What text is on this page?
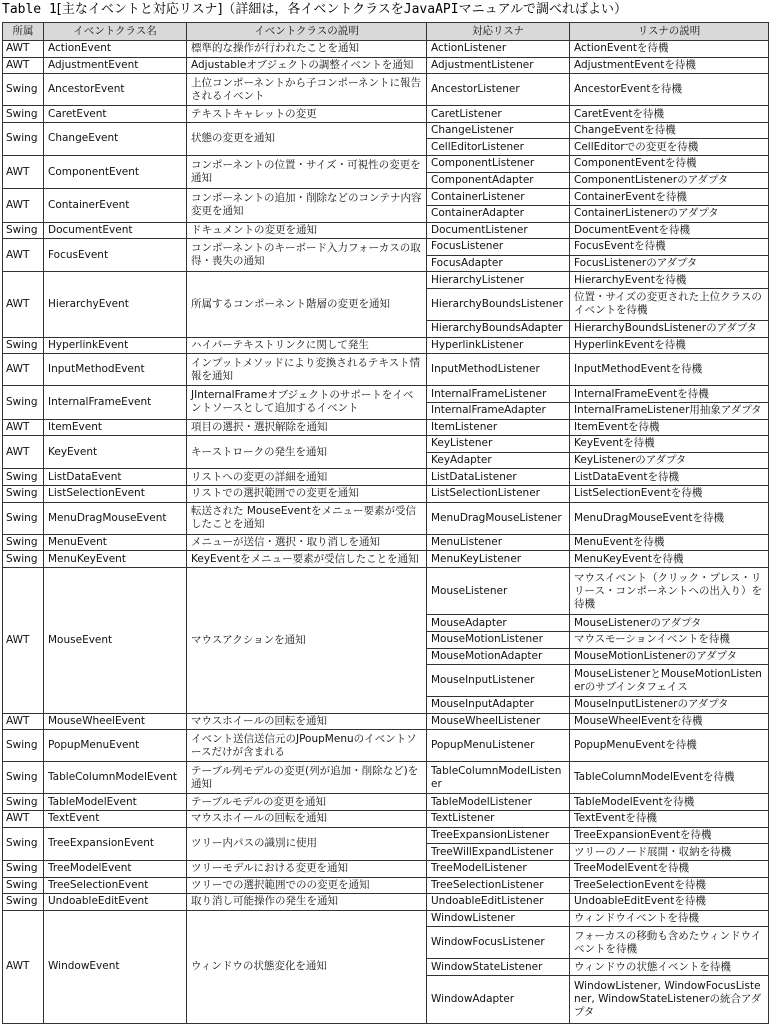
Table 1[主なイベントと対応リスナ]（詳細は，各イベントクラスをJavaAPIマニュアルで調べればよい）
所属	イベントクラス名	イベントクラスの説明	対応リスナ	リスナの説明
AWT	ActionEvent	標準的な操作が行われたことを通知	ActionListener	ActionEventを待機
AWT	AdjustmentEvent	Adjustableオブジェクトの調整イベントを通知	AdjustmentListener	AdjustmentEventを待機
Swing	AncestorEvent	上位コンポーネントから子コンポーネントに報告されるイベント	AncestorListener	AncestorEventを待機
Swing	CaretEvent	テキストキャレットの変更	CaretListener	CaretEventを待機
Swing	ChangeEvent	状態の変更を通知	ChangeListener	ChangeEventを待機
			CellEditorListener	CellEditorでの変更を待機
AWT	ComponentEvent	コンポーネントの位置・サイズ・可視性の変更を通知	ComponentListener	ComponentEventを待機
			ComponentAdapter	ComponentListenerのアダプタ
AWT	ContainerEvent	コンポーネントの追加・削除などのコンテナ内容変更を通知	ContainerListener	ContainerEventを待機
			ContainerAdapter	ContainerListenerのアダプタ
Swing	DocumentEvent	ドキュメントの変更を通知	DocumentListener	DocumentEventを待機
AWT	FocusEvent	コンポーネントのキーボード入力フォーカスの取得・喪失の通知	FocusListener	FocusEventを待機
			FocusAdapter	FocusListenerのアダプタ
AWT	HierarchyEvent	所属するコンポーネント階層の変更を通知	HierarchyListener	HierarchyEventを待機
			HierarchyBoundsListener	位置・サイズの変更された上位クラスのイベントを待機
			HierarchyBoundsAdapter	HierarchyBoundsListenerのアダプタ
Swing	HyperlinkEvent	ハイパーテキストリンクに関して発生	HyperlinkListener	HyperlinkEventを待機
AWT	InputMethodEvent	インプットメソッドにより変換されるテキスト情報を通知	InputMethodListener	InputMethodEventを待機
Swing	InternalFrameEvent	JInternalFrameオブジェクトのサポートをイベントソースとして追加するイベント	InternalFrameListener	InternalFrameEventを待機
			InternalFrameAdapter	InternalFrameListener用抽象アダプタ
AWT	ItemEvent	項目の選択・選択解除を通知	ItemListener	ItemEventを待機
AWT	KeyEvent	キーストロークの発生を通知	KeyListener	KeyEventを待機
			KeyAdapter	KeyListenerのアダプタ
Swing	ListDataEvent	リストへの変更の詳細を通知	ListDataListener	ListDataEventを待機
Swing	ListSelectionEvent	リストでの選択範囲での変更を通知	ListSelectionListener	ListSelectionEventを待機
Swing	MenuDragMouseEvent	転送された MouseEventをメニュー要素が受信したことを通知	MenuDragMouseListener	MenuDragMouseEventを待機
Swing	MenuEvent	メニューが送信・選択・取り消しを通知	MenuListener	MenuEventを待機
Swing	MenuKeyEvent	KeyEventをメニュー要素が受信したことを通知	MenuKeyListener	MenuKeyEventを待機
AWT	MouseEvent	マウスアクションを通知	MouseListener	マウスイベント（クリック・プレス・リリース・コンポーネントへの出入り）を待機
			MouseAdapter	MouseListenerのアダプタ
			MouseMotionListener	マウスモーションイベントを待機
			MouseMotionAdapter	MouseMotionListenerのアダプタ
			MouseInputListener	MouseListenerとMouseMotionListenerのサブインタフェイス
			MouseInputAdapter	MouseInputListenerのアダプタ
AWT	MouseWheelEvent	マウスホイールの回転を通知	MouseWheelListener	MouseWheelEventを待機
Swing	PopupMenuEvent	イベント送信送信元のJPoupMenuのイベントソースだけが含まれる	PopupMenuListener	PopupMenuEventを待機
Swing	TableColumnModelEvent	テーブル列モデルの変更(列が追加・削除など)を通知	TableColumnModelListener	TableColumnModelEventを待機
Swing	TableModelEvent	テーブルモデルの変更を通知	TableModelListener	TableModelEventを待機
AWT	TextEvent	マウスホイールの回転を通知	TextListener	TextEventを待機
Swing	TreeExpansionEvent	ツリー内パスの識別に使用	TreeExpansionListener	TreeExpansionEventを待機
			TreeWillExpandListener	ツリーのノード展開・収納を待機
Swing	TreeModelEvent	ツリーモデルにおける変更を通知	TreeModelListener	TreeModelEventを待機
Swing	TreeSelectionEvent	ツリーでの選択範囲でのの変更を通知	TreeSelectionListener	TreeSelectionEventを待機
Swing	UndoableEditEvent	取り消し可能操作の発生を通知	UndoableEditListener	UndoableEditEventを待機
AWT	WindowEvent	ウィンドウの状態変化を通知	WindowListener	ウィンドウイベントを待機
			WindowFocusListener	フォーカスの移動も含めたウィンドウイベントを待機
			WindowStateListener	ウィンドウの状態イベントを待機
			WindowAdapter	WindowListener, WindowFocusListener, WindowStateListenerの統合アダプタ
